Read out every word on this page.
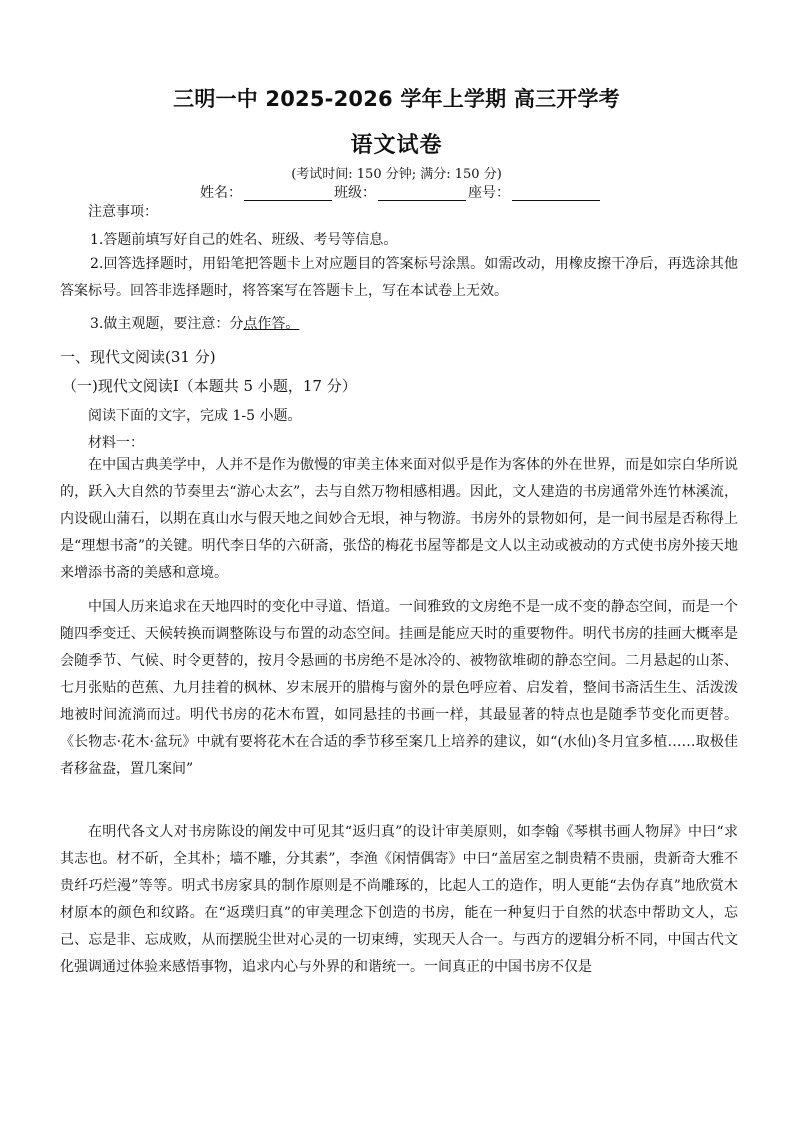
三明一中 2025-2026 学年上学期 高三开学考
语文试卷
(考试时间: 150 分钟; 满分: 150 分)
姓名：	班级：	座号：
注意事项：
1.答题前填写好自己的姓名、班级、考号等信息。
2.回答选择题时，用铅笔把答题卡上对应题目的答案标号涂黑。如需改动，用橡皮擦干净后，再选涂其他答案标号。回答非选择题时，将答案写在答题卡上，写在本试卷上无效。
3.做主观题，要注意：分点作答。
一、现代文阅读(31 分)
（一)现代文阅读Ⅰ（本题共 5 小题，17 分）
阅读下面的文字，完成 1-5 小题。
材料一：
在中国古典美学中，人并不是作为傲慢的审美主体来面对似乎是作为客体的外在世界，而是如宗白华所说的，跃入大自然的节奏里去“游心太玄”，去与自然万物相感相遇。因此，文人建造的书房通常外连竹林溪流，内设砚山蒲石，以期在真山水与假天地之间妙合无垠，神与物游。书房外的景物如何，是一间书屋是否称得上是“理想书斋”的关键。明代李日华的六研斋，张岱的梅花书屋等都是文人以主动或被动的方式使书房外接天地来增添书斋的美感和意境。
中国人历来追求在天地四时的变化中寻道、悟道。一间雅致的文房绝不是一成不变的静态空间，而是一个随四季变迁、天候转换而调整陈设与布置的动态空间。挂画是能应天时的重要物件。明代书房的挂画大概率是会随季节、气候、时令更替的，按月令悬画的书房绝不是冰冷的、被物欲堆砌的静态空间。二月悬起的山茶、七月张贴的芭蕉、九月挂着的枫林、岁末展开的腊梅与窗外的景色呼应着、启发着，整间书斋活生生、活泼泼地被时间流淌而过。明代书房的花木布置，如同悬挂的书画一样，其最显著的特点也是随季节变化而更替。《长物志·花木·盆玩》中就有要将花木在合适的季节移至案几上培养的建议，如“(水仙)冬月宜多植……取极佳者移盆盎，置几案间”
在明代各文人对书房陈设的阐发中可见其“返归真”的设计审美原则，如李翰《琴棋书画人物屏》中曰“求其志也。材不斫，全其朴；墙不雕，分其素”，李渔《闲情偶寄》中曰“盖居室之制贵精不贵丽，贵新奇大雅不贵纤巧烂漫”等等。明式书房家具的制作原则是不尚雕琢的，比起人工的造作，明人更能“去伪存真”地欣赏木材原本的颜色和纹路。在“返璞归真”的审美理念下创造的书房，能在一种复归于自然的状态中帮助文人，忘己、忘是非、忘成败，从而摆脱尘世对心灵的一切束缚，实现天人合一。与西方的逻辑分析不同，中国古代文化强调通过体验来感悟事物，追求内心与外界的和谐统一。一间真正的中国书房不仅是
